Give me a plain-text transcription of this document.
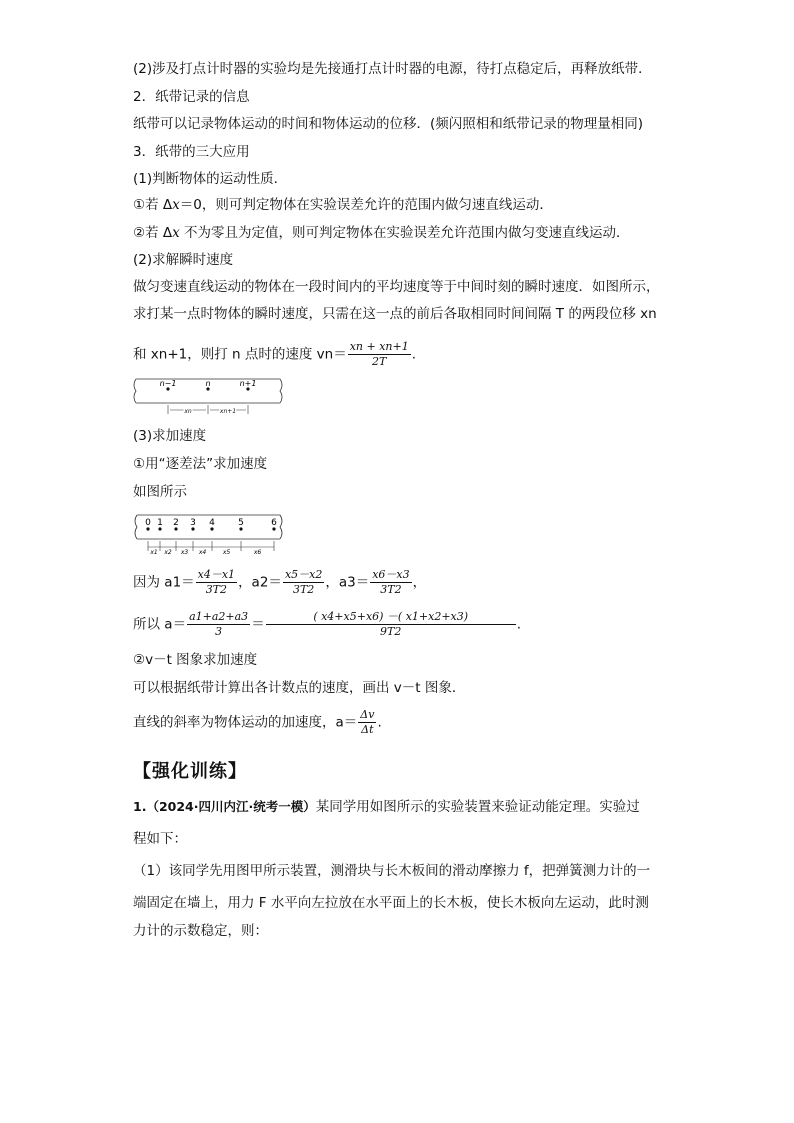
(2)涉及打点计时器的实验均是先接通打点计时器的电源，待打点稳定后，再释放纸带．
2．纸带记录的信息
纸带可以记录物体运动的时间和物体运动的位移．(频闪照相和纸带记录的物理量相同)
3．纸带的三大应用
(1)判断物体的运动性质．
①若 Δx＝0，则可判定物体在实验误差允许的范围内做匀速直线运动．
②若 Δx 不为零且为定值，则可判定物体在实验误差允许范围内做匀变速直线运动．
(2)求解瞬时速度
做匀变速直线运动的物体在一段时间内的平均速度等于中间时刻的瞬时速度．如图所示，
求打某一点时物体的瞬时速度，只需在这一点的前后各取相同时间间隔 T 的两段位移 xn
和 xn+1，则打 n 点时的速度 $vn= \frac{xn + xn+1}{2T}$ .
n−1	n	n+1
xn	xn+1
(3)求加速度
①用“逐差法”求加速度
如图所示
0 1 2 3 4	5	6
x1 x2 x3 x4	x5	x6
因为 $a1= \frac{x4-x1}{3T2}$ ，$a2= \frac{x5-x2}{3T2}$ ，$a3= \frac{x6-x3}{3T2}$ ，
所以 $a= \frac{a1+a2+a3}{3} = \frac{( x4+x5+x6) -( x1+x2+x3)}{9T2}$ .
②v－t 图象求加速度
可以根据纸带计算出各计数点的速度，画出 v－t 图象．
直线的斜率为物体运动的加速度，$a= \frac{\Delta v}{\Delta t}$ .
【强化训练】
1.（2024·四川内江·统考一模）某同学用如图所示的实验装置来验证动能定理。实验过
程如下：
（1）该同学先用图甲所示装置，测滑块与长木板间的滑动摩擦力 f，把弹簧测力计的一
端固定在墙上，用力 F 水平向左拉放在水平面上的长木板，使长木板向左运动，此时测
力计的示数稳定，则：
